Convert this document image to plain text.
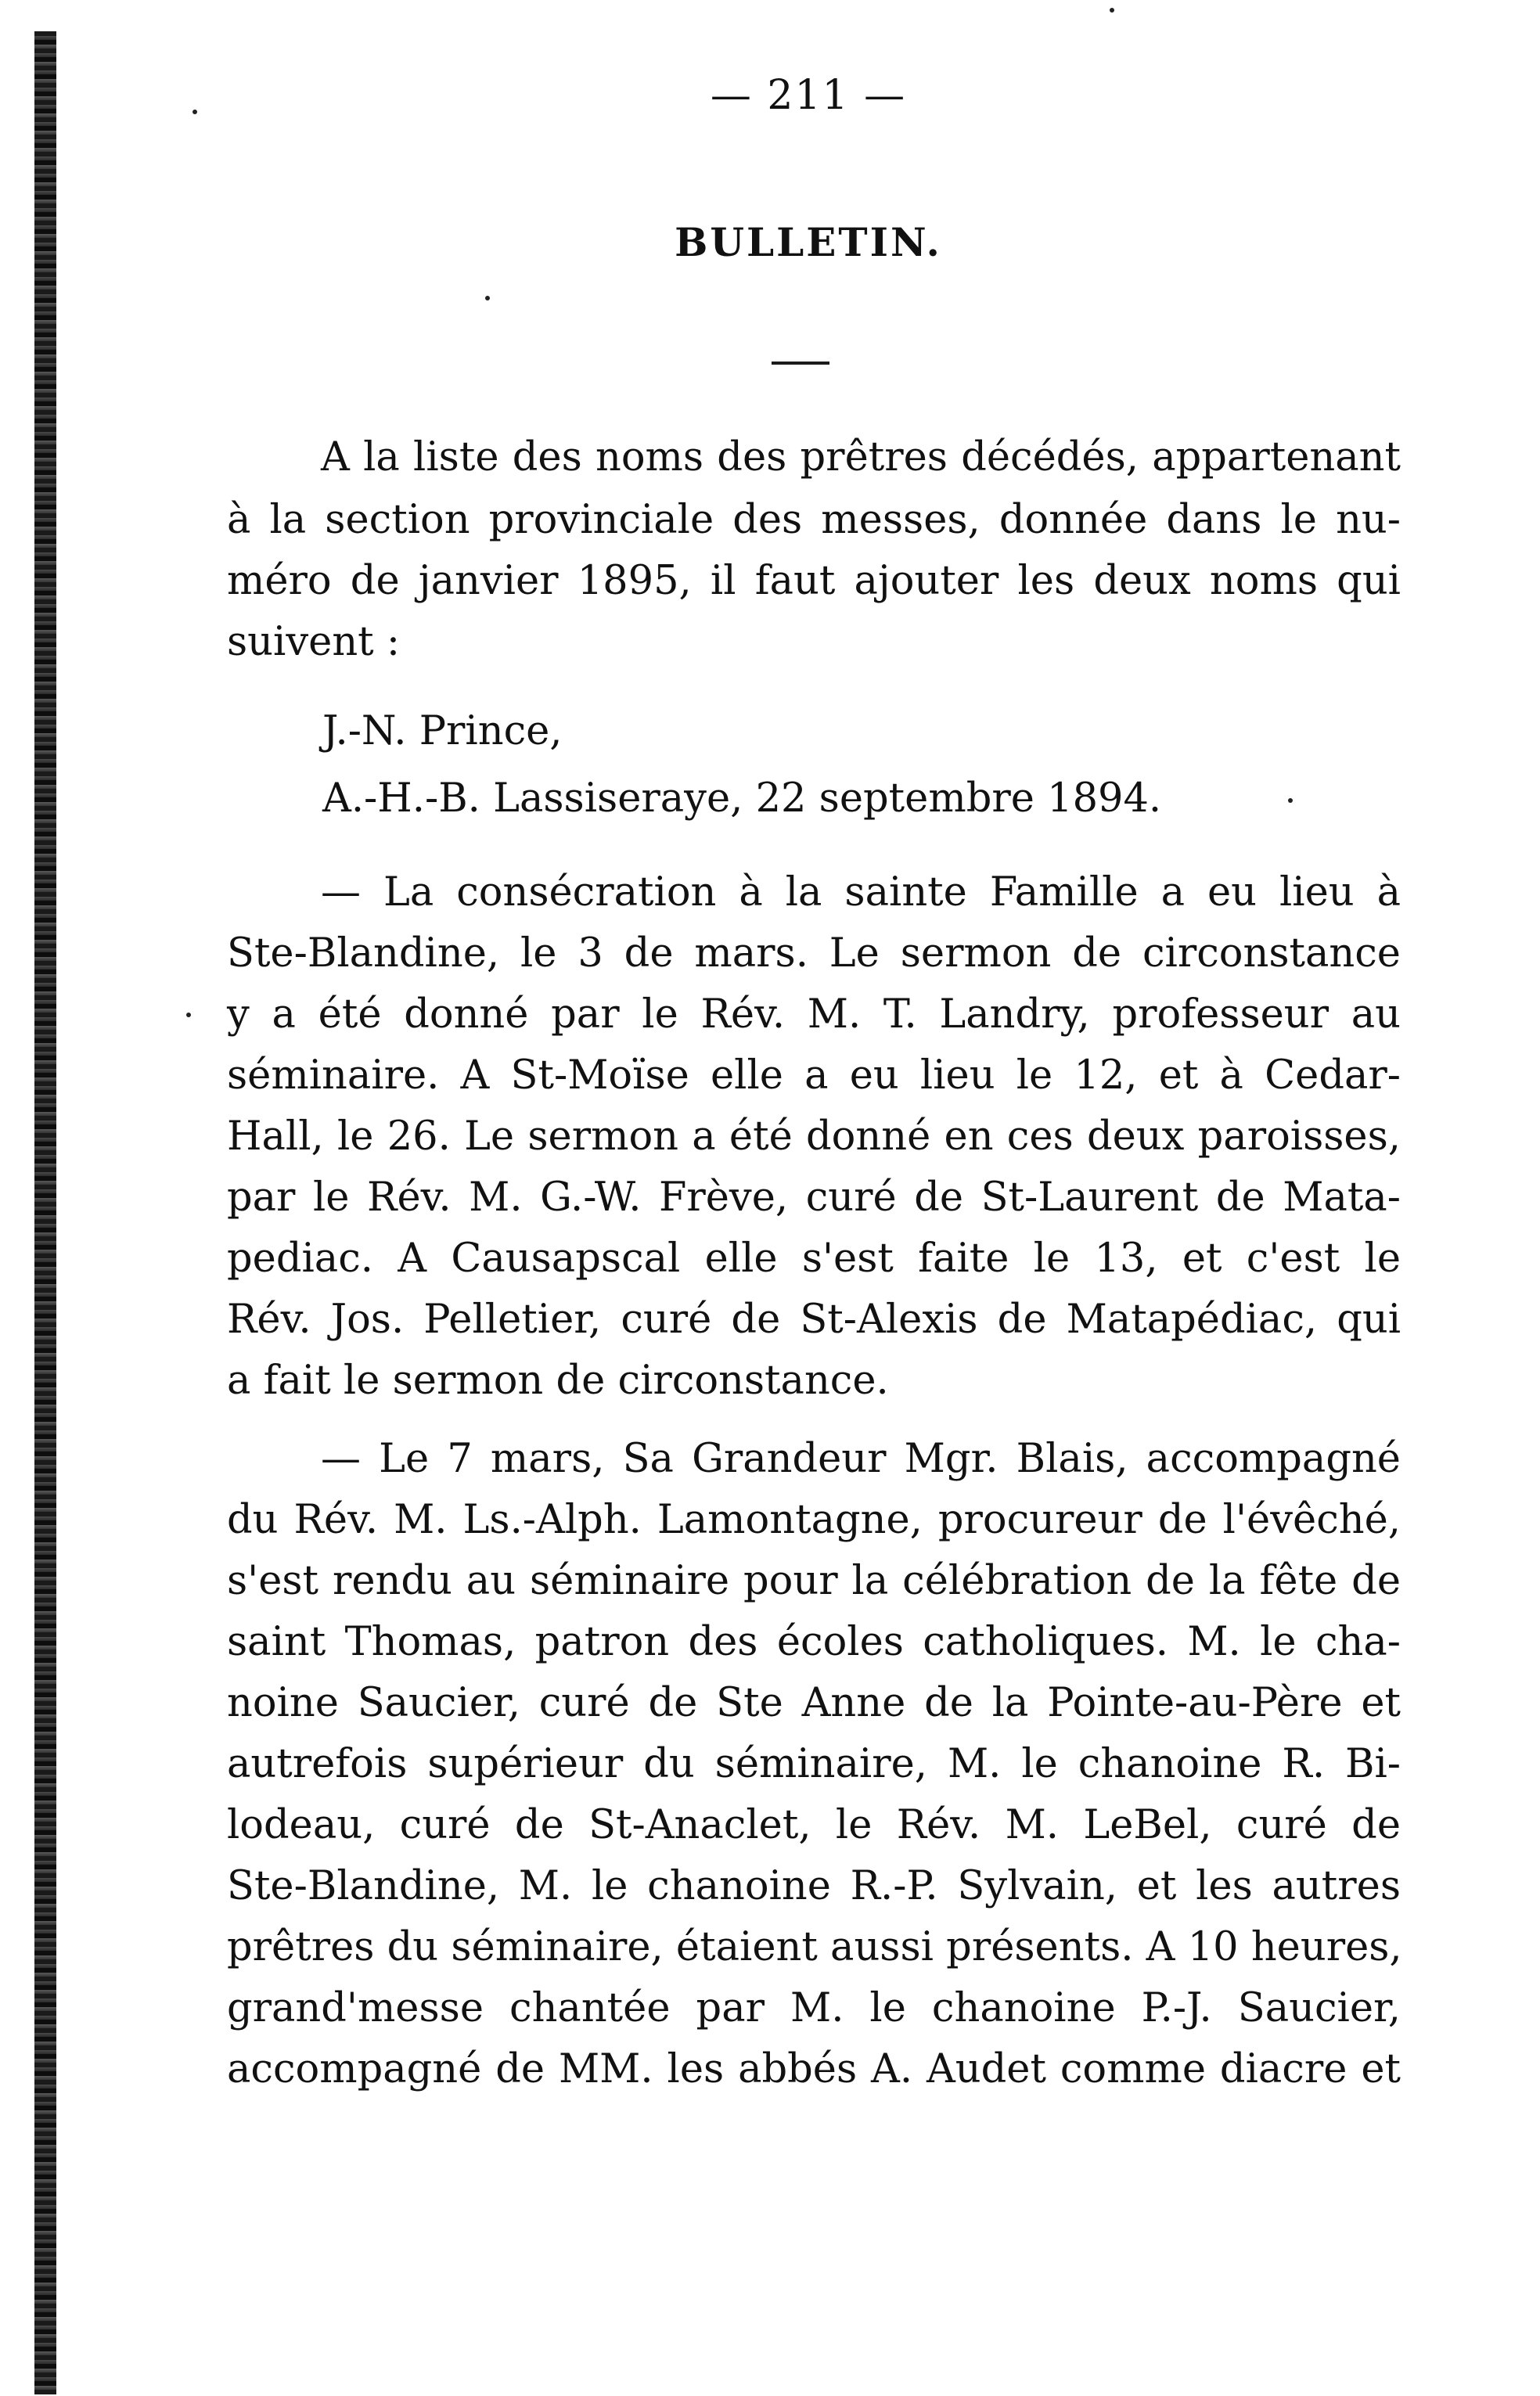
— 211 —
BULLETIN.
A la liste des noms des prêtres décédés, appartenant
à la section provinciale des messes, donnée dans le nu-
méro de janvier 1895, il faut ajouter les deux noms qui
suivent :
J.-N. Prince,
A.-H.-B. Lassiseraye, 22 septembre 1894.
— La consécration à la sainte Famille a eu lieu à
Ste-Blandine, le 3 de mars. Le sermon de circonstance
y a été donné par le Rév. M. T. Landry, professeur au
séminaire. A St-Moïse elle a eu lieu le 12, et à Cedar-
Hall, le 26. Le sermon a été donné en ces deux paroisses,
par le Rév. M. G.-W. Frève, curé de St-Laurent de Mata-
pediac. A Causapscal elle s'est faite le 13, et c'est le
Rév. Jos. Pelletier, curé de St-Alexis de Matapédiac, qui
a fait le sermon de circonstance.
— Le 7 mars, Sa Grandeur Mgr. Blais, accompagné
du Rév. M. Ls.-Alph. Lamontagne, procureur de l'évêché,
s'est rendu au séminaire pour la célébration de la fête de
saint Thomas, patron des écoles catholiques. M. le cha-
noine Saucier, curé de Ste Anne de la Pointe-au-Père et
autrefois supérieur du séminaire, M. le chanoine R. Bi-
lodeau, curé de St-Anaclet, le Rév. M. LeBel, curé de
Ste-Blandine, M. le chanoine R.-P. Sylvain, et les autres
prêtres du séminaire, étaient aussi présents. A 10 heures,
grand'messe chantée par M. le chanoine P.-J. Saucier,
accompagné de MM. les abbés A. Audet comme diacre et
